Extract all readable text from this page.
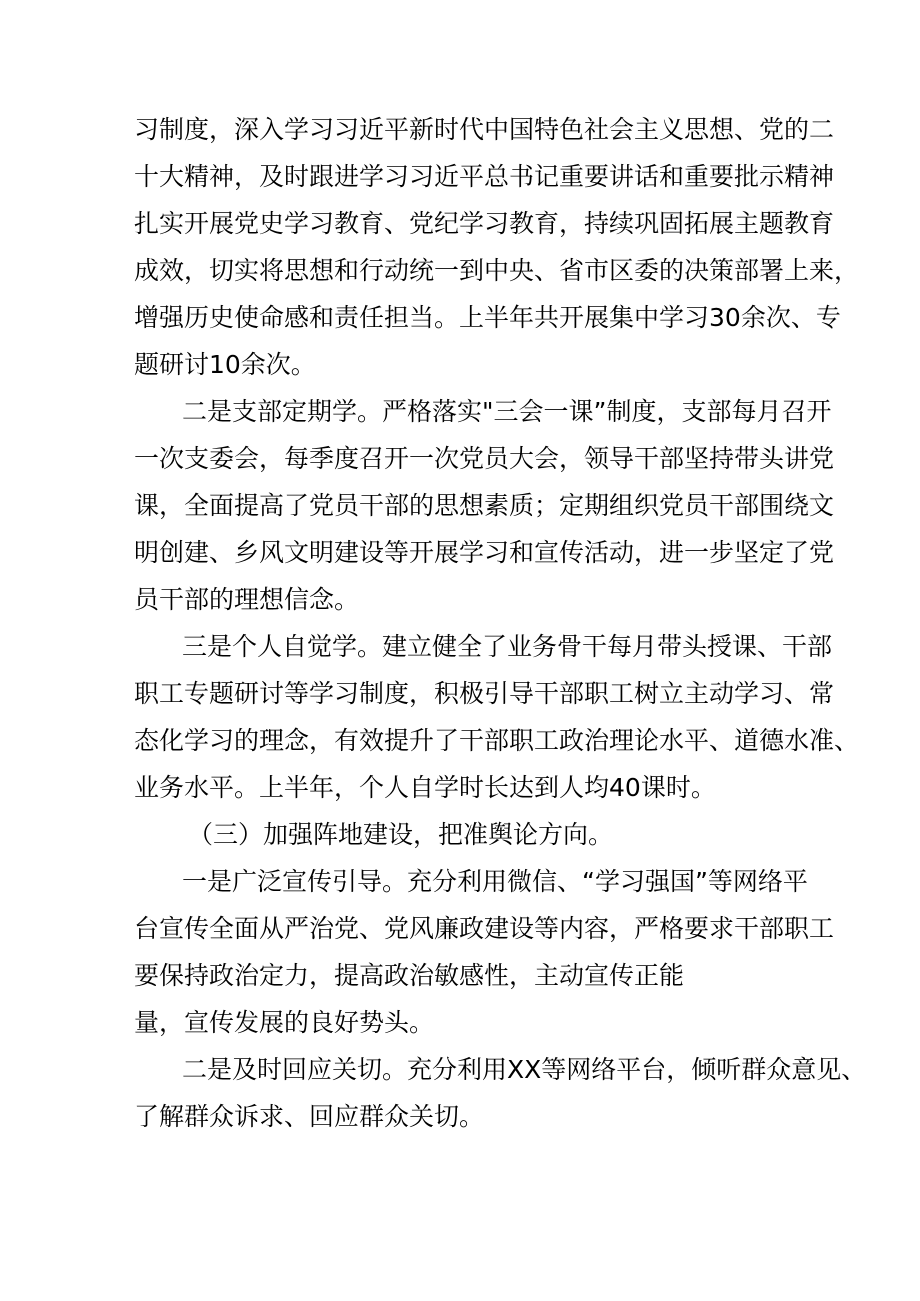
习制度，深入学习习近平新时代中国特色社会主义思想、党的二
十大精神，及时跟进学习习近平总书记重要讲话和重要批示精神
扎实开展党史学习教育、党纪学习教育，持续巩固拓展主题教育
成效，切实将思想和行动统一到中央、省市区委的决策部署上来，
增强历史使命感和责任担当。上半年共开展集中学习30余次、专
题研讨10余次。
二是支部定期学。严格落实"三会一课”制度，支部每月召开
一次支委会，每季度召开一次党员大会，领导干部坚持带头讲党
课，全面提高了党员干部的思想素质；定期组织党员干部围绕文
明创建、乡风文明建设等开展学习和宣传活动，进一步坚定了党
员干部的理想信念。
三是个人自觉学。建立健全了业务骨干每月带头授课、干部
职工专题研讨等学习制度，积极引导干部职工树立主动学习、常
态化学习的理念，有效提升了干部职工政治理论水平、道德水准、
业务水平。上半年，个人自学时长达到人均40课时。
（三）加强阵地建设，把准舆论方向。
一是广泛宣传引导。充分利用微信、“学习强国”等网络平
台宣传全面从严治党、党风廉政建设等内容，严格要求干部职工
要保持政治定力，提高政治敏感性，主动宣传正能
量，宣传发展的良好势头。
二是及时回应关切。充分利用XX等网络平台，倾听群众意见、
了解群众诉求、回应群众关切。
